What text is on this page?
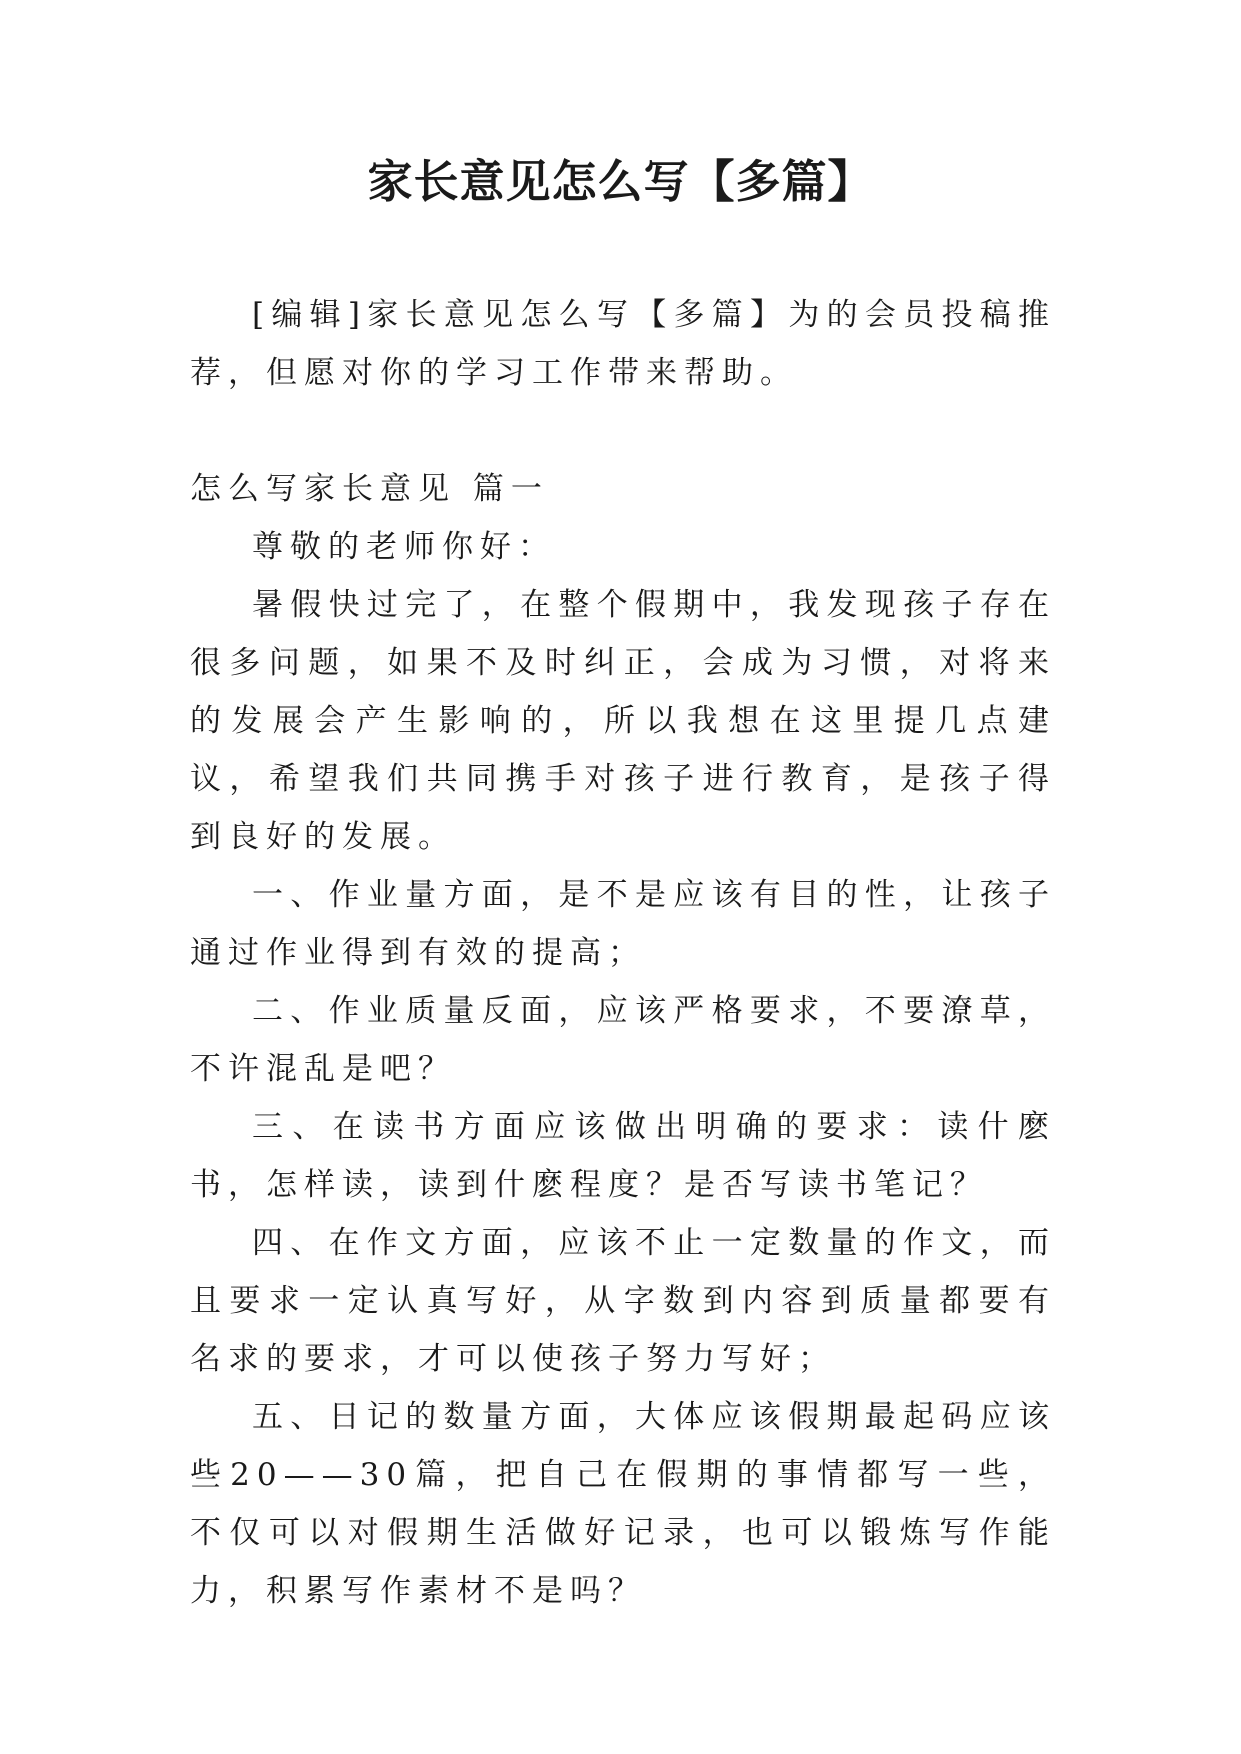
家长意见怎么写【多篇】

[编辑]家长意见怎么写【多篇】为的会员投稿推荐，但愿对你的学习工作带来帮助。

怎么写家长意见 篇一

尊敬的老师你好：

暑假快过完了，在整个假期中，我发现孩子存在很多问题，如果不及时纠正，会成为习惯，对将来的发展会产生影响的，所以我想在这里提几点建议，希望我们共同携手对孩子进行教育，是孩子得到良好的发展。

一、作业量方面，是不是应该有目的性，让孩子通过作业得到有效的提高；

二、作业质量反面，应该严格要求，不要潦草，不许混乱是吧？

三、在读书方面应该做出明确的要求：读什麽书，怎样读，读到什麽程度？是否写读书笔记？

四、在作文方面，应该不止一定数量的作文，而且要求一定认真写好，从字数到内容到质量都要有名求的要求，才可以使孩子努力写好；

五、日记的数量方面，大体应该假期最起码应该些20——30篇，把自己在假期的事情都写一些，不仅可以对假期生活做好记录，也可以锻炼写作能力，积累写作素材不是吗？
